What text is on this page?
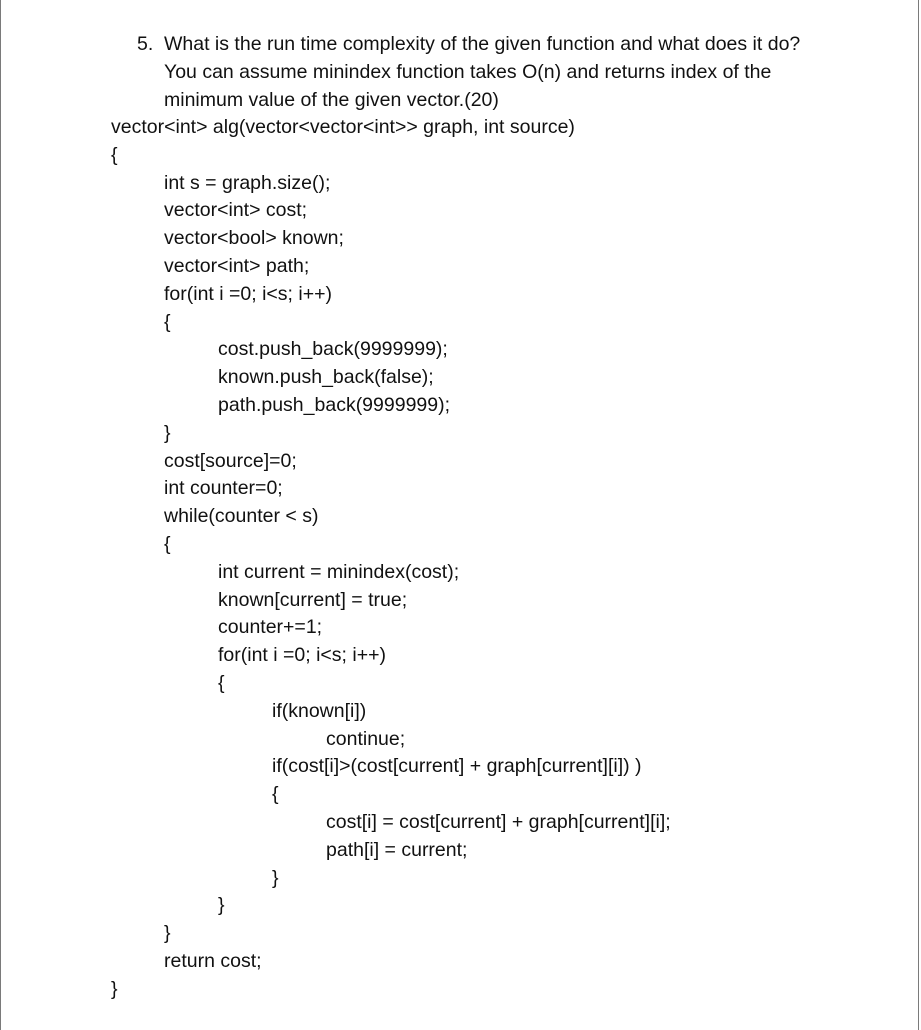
5. What is the run time complexity of the given function and what does it do? You can assume minindex function takes O(n) and returns index of the minimum value of the given vector.(20)
vector<int> alg(vector<vector<int>> graph, int source)
{
int s = graph.size();
vector<int> cost;
vector<bool> known;
vector<int> path;
for(int i =0; i<s; i++)
{
cost.push_back(9999999);
known.push_back(false);
path.push_back(9999999);
}
cost[source]=0;
int counter=0;
while(counter < s)
{
int current = minindex(cost);
known[current] = true;
counter+=1;
for(int i =0; i<s; i++)
{
if(known[i])
continue;
if(cost[i]>(cost[current] + graph[current][i]) )
{
cost[i] = cost[current] + graph[current][i];
path[i] = current;
}
}
}
return cost;
}
